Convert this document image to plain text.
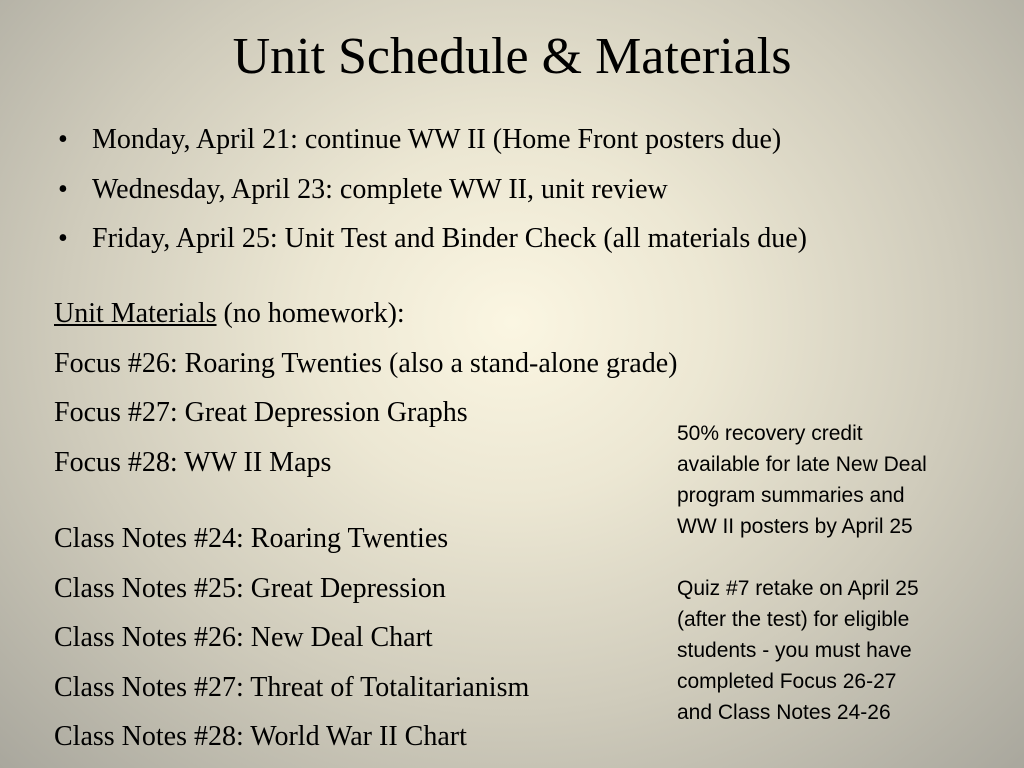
Unit Schedule & Materials
• Monday, April 21: continue WW II (Home Front posters due)
• Wednesday, April 23: complete WW II, unit review
• Friday, April 25: Unit Test and Binder Check (all materials due)
Unit Materials (no homework):
Focus #26: Roaring Twenties (also a stand-alone grade)
Focus #27: Great Depression Graphs
Focus #28: WW II Maps
Class Notes #24: Roaring Twenties
Class Notes #25: Great Depression
Class Notes #26: New Deal Chart
Class Notes #27: Threat of Totalitarianism
Class Notes #28: World War II Chart

50% recovery credit

available for late New Deal

program summaries and

WW II posters by April 25

Quiz #7 retake on April 25

(after the test) for eligible

students - you must have

completed Focus 26-27

and Class Notes 24-26
